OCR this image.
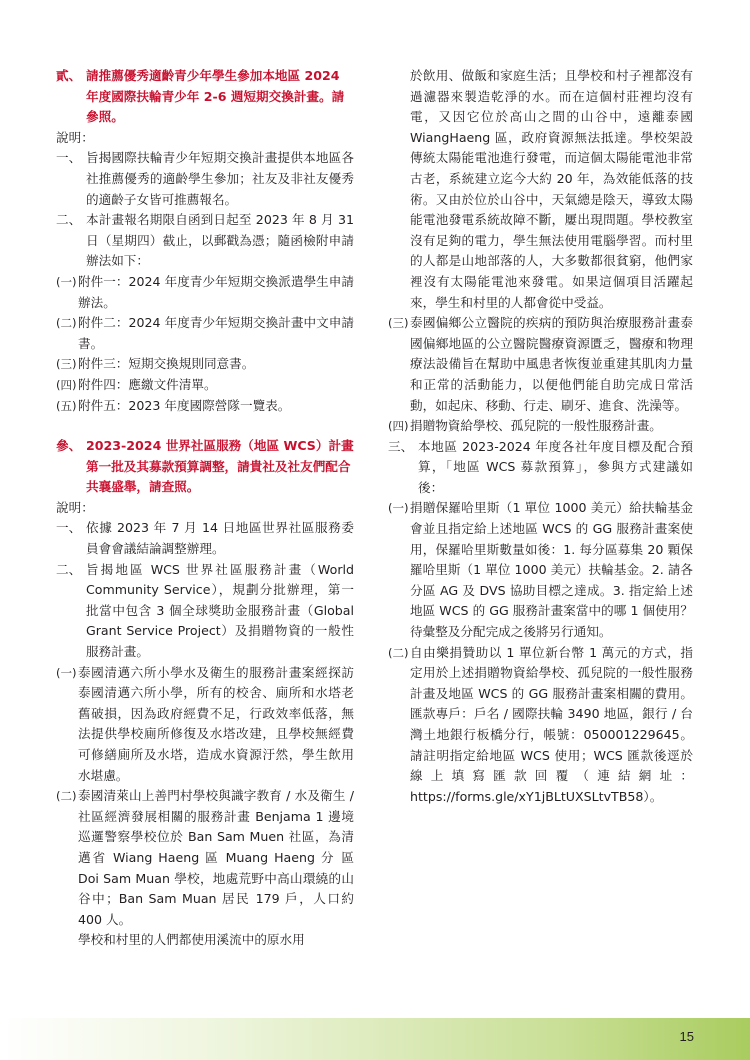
貳、 請推薦優秀適齡青少年學生參加本地區 2024 年度國際扶輪青少年 2-6 週短期交換計畫。請參照。
說明：
一、 旨揭國際扶輪青少年短期交換計畫提供本地區各社推薦優秀的適齡學生參加；社友及非社友優秀的適齡子女皆可推薦報名。
二、 本計畫報名期限自函到日起至 2023 年 8 月 31 日（星期四）截止，以郵戳為憑；隨函檢附申請辦法如下：
(一) 附件一：2024 年度青少年短期交換派遣學生申請辦法。
(二) 附件二：2024 年度青少年短期交換計畫中文申請書。
(三) 附件三：短期交換規則同意書。
(四) 附件四：應繳文件清單。
(五) 附件五：2023 年度國際營隊一覽表。
參、 2023-2024 世界社區服務（地區 WCS）計畫第一批及其募款預算調整，請貴社及社友們配合共襄盛舉，請查照。
說明：
一、 依據 2023 年 7 月 14 日地區世界社區服務委員會會議結論調整辦理。
二、 旨揭地區 WCS 世界社區服務計畫（World Community Service），規劃分批辦理，第一批當中包含 3 個全球獎助金服務計畫（Global Grant Service Project）及捐贈物資的一般性服務計畫。
(一) 泰國清邁六所小學水及衛生的服務計畫案經探訪泰國清邁六所小學，所有的校舍、廁所和水塔老舊破損，因為政府經費不足，行政效率低落，無法提供學校廁所修復及水塔改建，且學校無經費可修繕廁所及水塔，造成水資源汙然，學生飲用水堪慮。
(二) 泰國清萊山上善門村學校與識字教育 / 水及衛生 / 社區經濟發展相關的服務計畫 Benjama 1 邊境巡邏警察學校位於 Ban Sam Muen 社區，為清邁省 Wiang Haeng 區 Muang Haeng 分 區 Doi Sam Muan 學校，地處荒野中高山環繞的山谷中；Ban Sam Muan 居民 179 戶，人口約 400 人。
學校和村里的人們都使用溪流中的原水用
於飲用、做飯和家庭生活；且學校和村子裡都沒有過濾器來製造乾淨的水。而在這個村莊裡均沒有電，又因它位於高山之間的山谷中，遠離泰國 WiangHaeng 區，政府資源無法抵達。學校架設傳統太陽能電池進行發電，而這個太陽能電池非常古老，系統建立迄今大約 20 年，為效能低落的技術。又由於位於山谷中，天氣總是陰天，導致太陽能電池發電系統故障不斷，屢出現問題。學校教室沒有足夠的電力，學生無法使用電腦學習。而村里的人都是山地部落的人，大多數都很貧窮，他們家裡沒有太陽能電池來發電。如果這個項目活躍起來，學生和村里的人都會從中受益。
(三) 泰國偏鄉公立醫院的疾病的預防與治療服務計畫泰國偏鄉地區的公立醫院醫療資源匱乏，醫療和物理療法設備旨在幫助中風患者恢復並重建其肌肉力量和正常的活動能力，以便他們能自助完成日常活動，如起床、移動、行走、刷牙、進食、洗澡等。
(四) 捐贈物資給學校、孤兒院的一般性服務計畫。
三、 本地區 2023-2024 年度各社年度目標及配合預算，「地區 WCS 募款預算」，參與方式建議如後：
(一) 捐贈保羅哈里斯（1 單位 1000 美元）給扶輪基金會並且指定給上述地區 WCS 的 GG 服務計畫案使用，保羅哈里斯數量如後：1. 每分區募集 20 顆保羅哈里斯（1 單位 1000 美元）扶輪基金。2. 請各分區 AG 及 DVS 協助目標之達成。3. 指定給上述地區 WCS 的 GG 服務計畫案當中的哪 1 個使用？待彙整及分配完成之後將另行通知。
(二) 自由樂捐贊助以 1 單位新台幣 1 萬元的方式，指定用於上述捐贈物資給學校、孤兒院的一般性服務計畫及地區 WCS 的 GG 服務計畫案相關的費用。匯款專戶：戶名 / 國際扶輪 3490 地區，銀行 / 台灣土地銀行板橋分行，帳號：050001229645。請註明指定給地區 WCS 使用；WCS 匯款後逕於線上填寫匯款回覆（連結網址：https://forms.gle/xY1jBLtUXSLtvTB58）。
15
